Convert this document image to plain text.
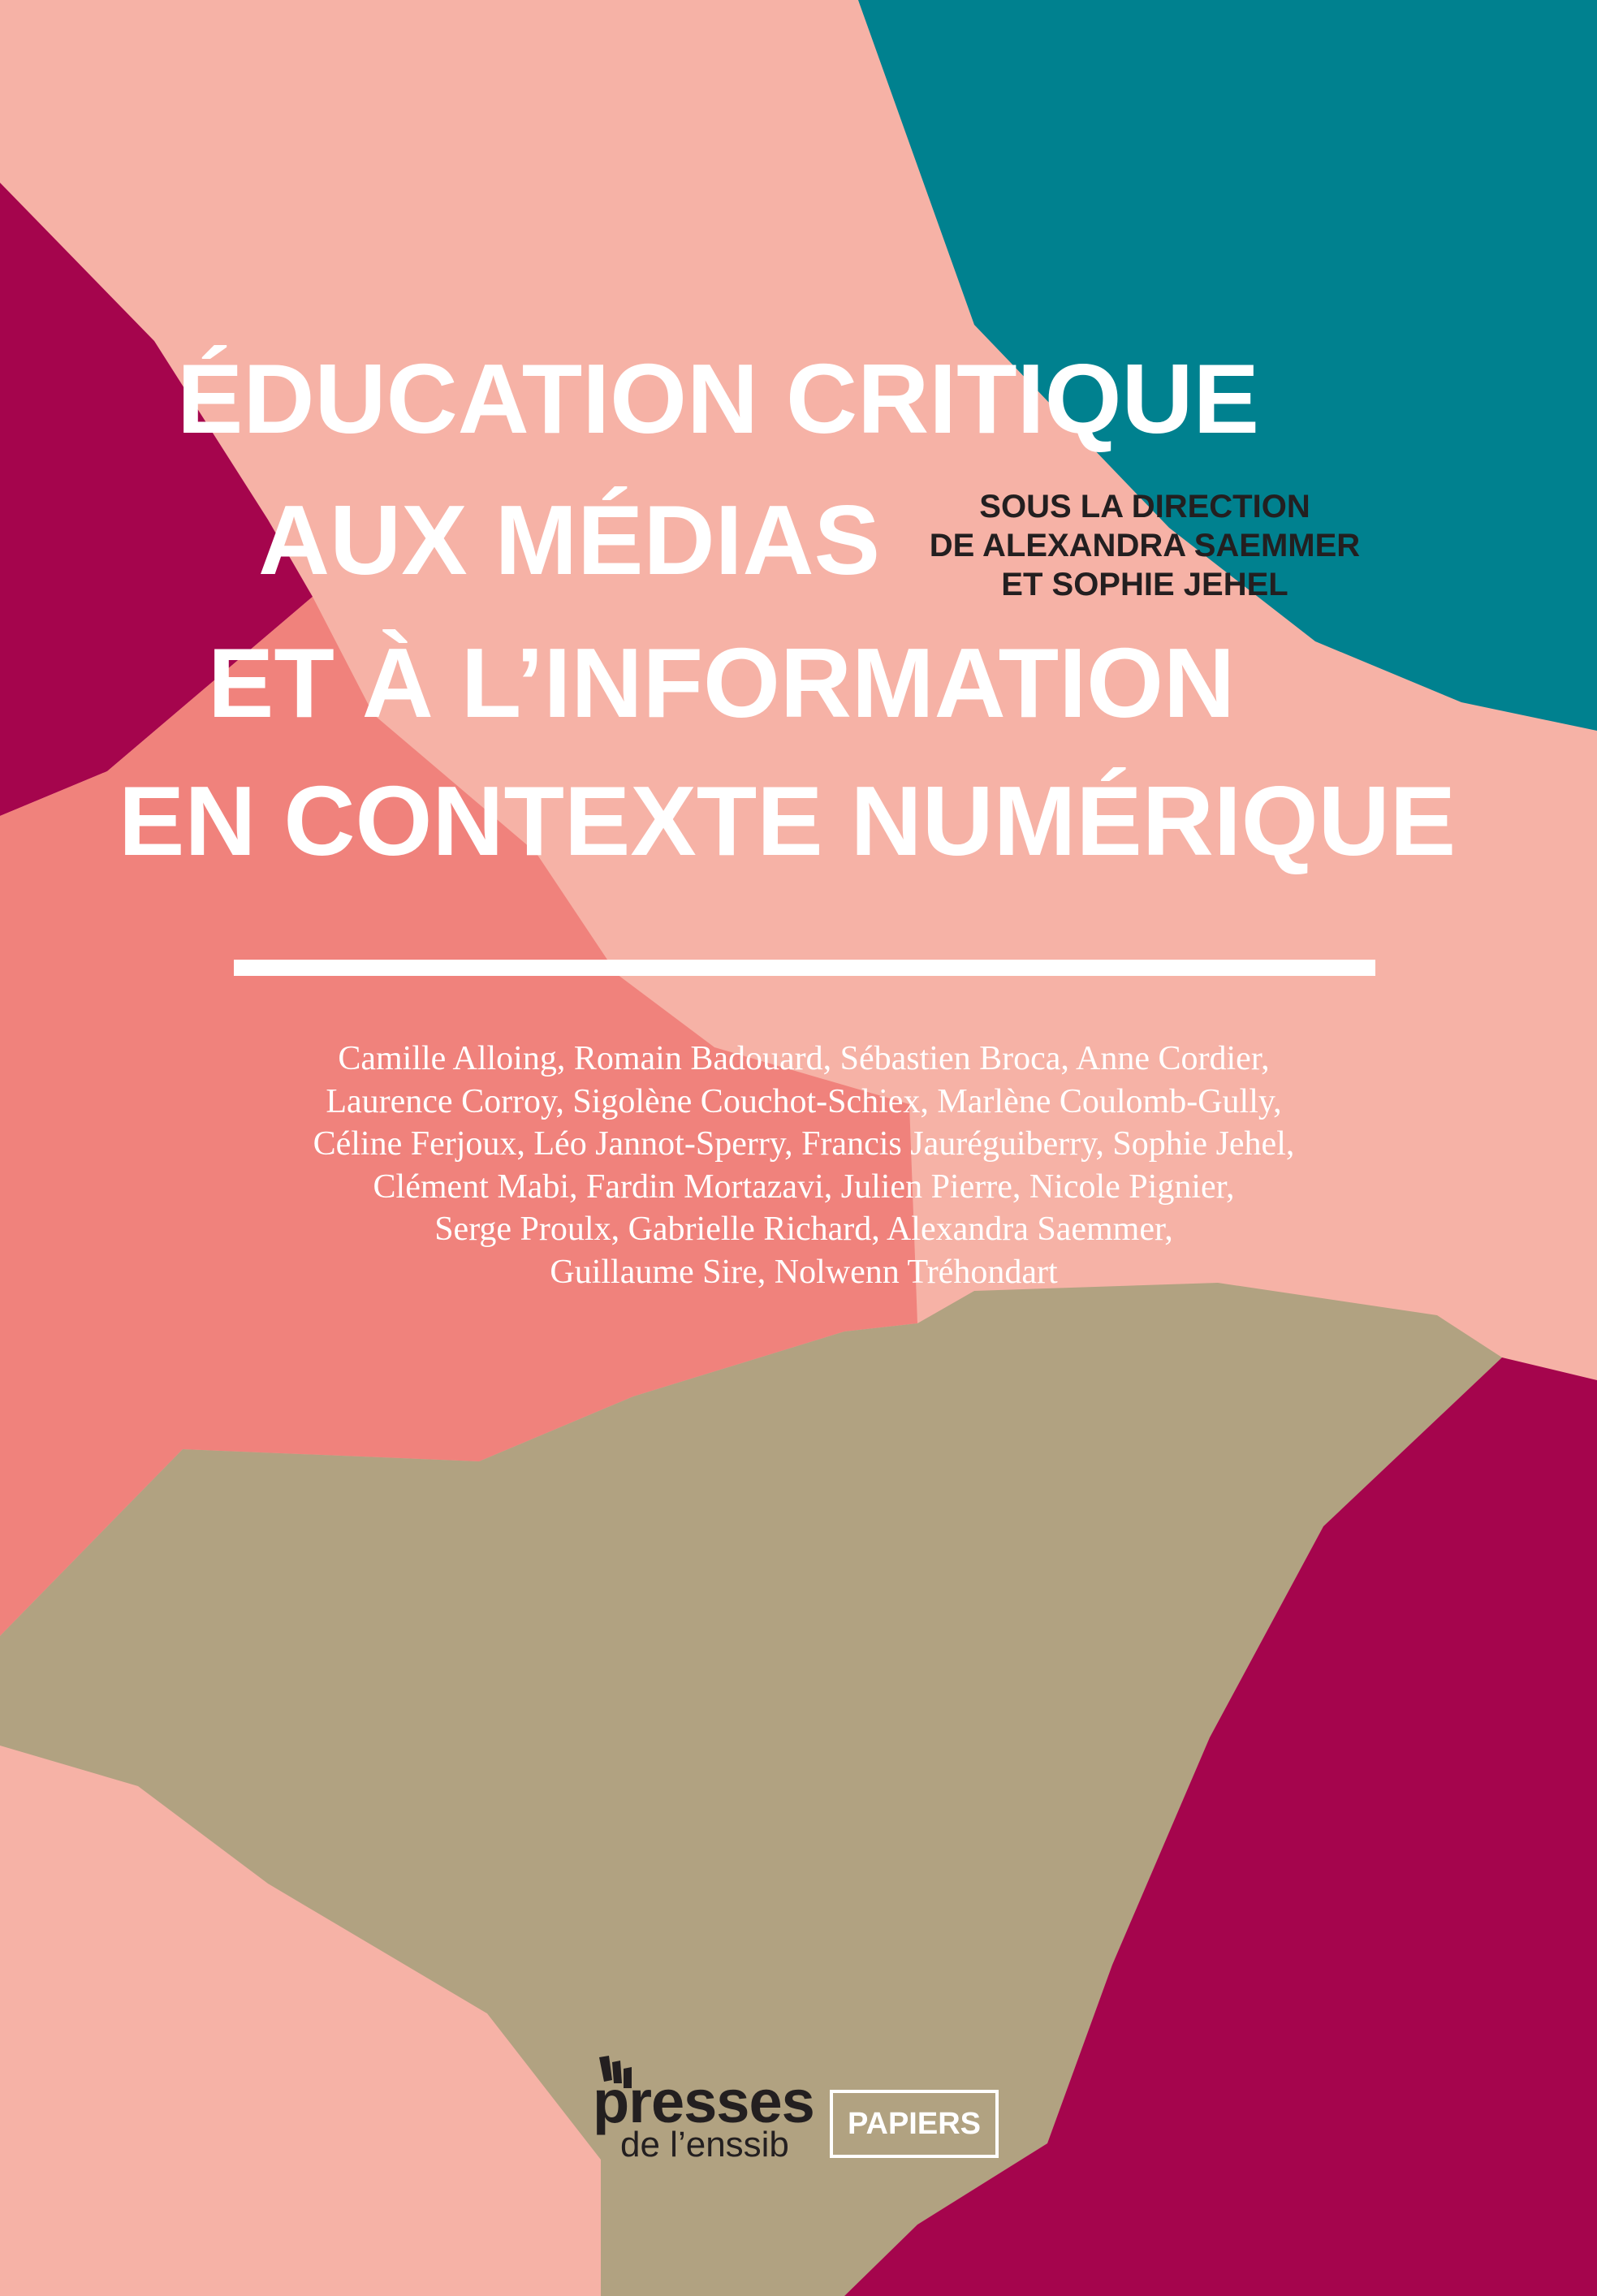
ÉDUCATION CRITIQUE
AUX MÉDIAS
ET À L’INFORMATION
EN CONTEXTE NUMÉRIQUE

SOUS LA DIRECTION

DE ALEXANDRA SAEMMER

ET SOPHIE JEHEL

Camille Alloing, Romain Badouard, Sébastien Broca, Anne Cordier,
Laurence Corroy, Sigolène Couchot-Schiex, Marlène Coulomb-Gully,
Céline Ferjoux, Léo Jannot-Sperry, Francis Jauréguiberry, Sophie Jehel,
Clément Mabi, Fardin Mortazavi, Julien Pierre, Nicole Pignier,
Serge Proulx, Gabrielle Richard, Alexandra Saemmer,
Guillaume Sire, Nolwenn Tréhondart

presses

de l’enssib

PAPIERS
